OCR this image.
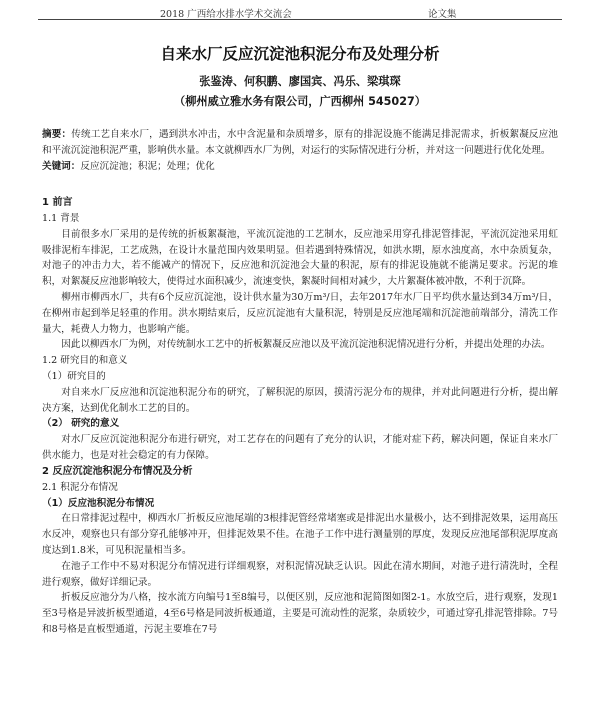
2018 广西给水排水学术交流会	论文集
自来水厂反应沉淀池积泥分布及处理分析
张鉴涛、何积鹏、廖国宾、冯乐、梁琪琛
（柳州威立雅水务有限公司，广西柳州 545027）

摘要：传统工艺自来水厂，遇到洪水冲击，水中含泥量和杂质增多，原有的排泥设施不能满足排泥需求，折板絮凝反应池和平流沉淀池积泥严重，影响供水量。本文就柳西水厂为例，对运行的实际情况进行分析，并对这一问题进行优化处理。

关键词：反应沉淀池；积泥；处理；优化

1 前言
1.1 背景

目前很多水厂采用的是传统的折板絮凝池，平流沉淀池的工艺制水，反应池采用穿孔排泥管排泥，平流沉淀池采用虹吸排泥桁车排泥，工艺成熟，在设计水量范围内效果明显。但若遇到特殊情况，如洪水期，原水浊度高，水中杂质复杂，对池子的冲击力大，若不能减产的情况下，反应池和沉淀池会大量的积泥，原有的排泥设施就不能满足要求。污泥的堆积，对絮凝反应池影响较大，使得过水面积减少，流速变快，絮凝时间相对减少，大片絮凝体被冲散，不利于沉降。

柳州市柳西水厂，共有6个反应沉淀池，设计供水量为30万m³/日，去年2017年水厂日平均供水量达到34万m³/日，在柳州市起到举足轻重的作用。洪水期结束后，反应沉淀池有大量积泥，特别是反应池尾端和沉淀池前端部分，清洗工作量大，耗费人力物力，也影响产能。

因此以柳西水厂为例，对传统制水工艺中的折板絮凝反应池以及平流沉淀池积泥情况进行分析，并提出处理的办法。

1.2 研究目的和意义
（1）研究目的

对自来水厂反应池和沉淀池积泥分布的研究，了解积泥的原因，摸清污泥分布的规律，并对此问题进行分析，提出解决方案，达到优化制水工艺的目的。

（2） 研究的意义

对水厂反应沉淀池积泥分布进行研究，对工艺存在的问题有了充分的认识，才能对症下药，解决问题，保证自来水厂供水能力，也是对社会稳定的有力保障。

2 反应沉淀池积泥分布情况及分析
2.1 积泥分布情况
（1）反应池积泥分布情况

在日常排泥过程中，柳西水厂折板反应池尾端的3根排泥管经常堵塞或是排泥出水量极小，达不到排泥效果，运用高压水反冲，观察也只有部分穿孔能够冲开，但排泥效果不佳。在池子工作中进行测量别的厚度，发现反应池尾部积泥厚度高度达到1.8米，可见积泥量相当多。

在池子工作中不易对积泥分布情况进行详细观察，对积泥情况缺乏认识。因此在清水期间，对池子进行清洗时，全程进行观察，做好详细记录。

折板反应池分为八格，按水流方向编号1至8编号，以便区别，反应池和泥简图如图2-1。水放空后，进行观察，发现1至3号格是异波折板型通道，4至6号格是同波折板通道，主要是可流动性的泥浆，杂质较少，可通过穿孔排泥管排除。7号和8号格是直板型通道，污泥主要堆在7号
